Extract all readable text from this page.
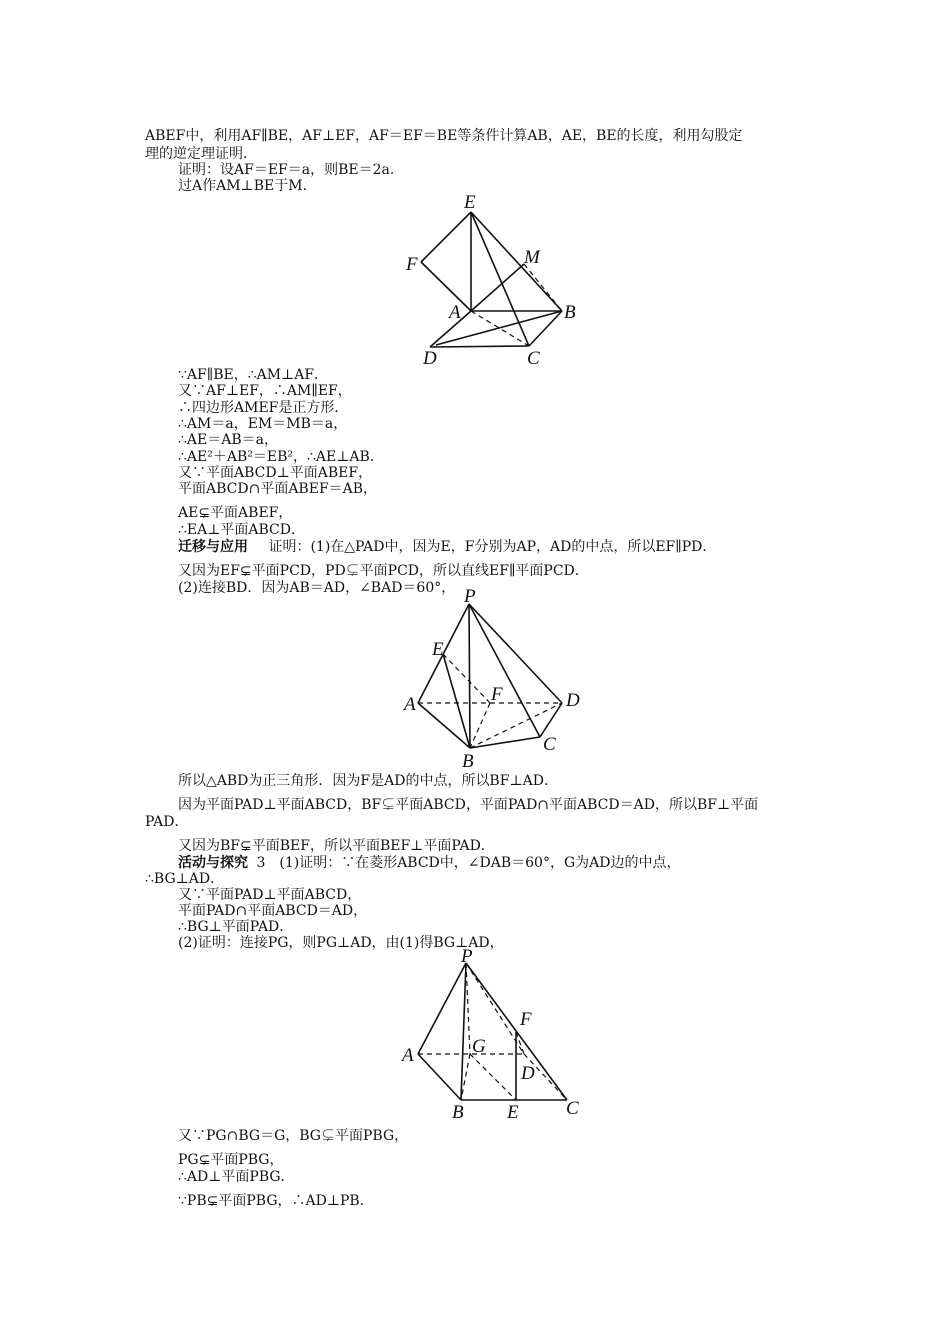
ABEF中，利用AF∥BE，AF⊥EF，AF＝EF＝BE等条件计算AB，AE，BE的长度，利用勾股定
理的逆定理证明．
证明：设AF＝EF＝a，则BE＝2a．
过A作AM⊥BE于M．
E
M
F
A	B
D	C
∵AF∥BE，∴AM⊥AF．
又∵AF⊥EF，∴AM∥EF，
∴四边形AMEF是正方形．
∴AM＝a，EM＝MB＝a，
∴AE＝AB＝a，
∴AE²＋AB²＝EB²，∴AE⊥AB．
又∵平面ABCD⊥平面ABEF，
平面ABCD∩平面ABEF＝AB，
AE⊊平面ABEF，
∴EA⊥平面ABCD．
迁移与应用 证明：(1)在△PAD中，因为E，F分别为AP，AD的中点，所以EF∥PD．
又因为EF⊊平面PCD，PD⊊平面PCD，所以直线EF∥平面PCD．
(2)连接BD．因为AB＝AD，∠BAD＝60°， P
E
F
A	D
C
B
所以△ABD为正三角形．因为F是AD的中点，所以BF⊥AD．
因为平面PAD⊥平面ABCD，BF⊊平面ABCD，平面PAD∩平面ABCD＝AD，所以BF⊥平面
PAD．
又因为BF⊊平面BEF，所以平面BEF⊥平面PAD．
活动与探究 3　(1)证明：∵在菱形ABCD中，∠DAB＝60°，G为AD边的中点，
∴BG⊥AD．
又∵平面PAD⊥平面ABCD，
平面PAD∩平面ABCD＝AD，
∴BG⊥平面PAD．
(2)证明：连接PG，则PG⊥AD，由(1)得BG⊥AD，
P
F
A	G
D
B E C
又∵PG∩BG＝G，BG⊊平面PBG，
PG⊊平面PBG，
∴AD⊥平面PBG．
∵PB⊊平面PBG，∴AD⊥PB．
